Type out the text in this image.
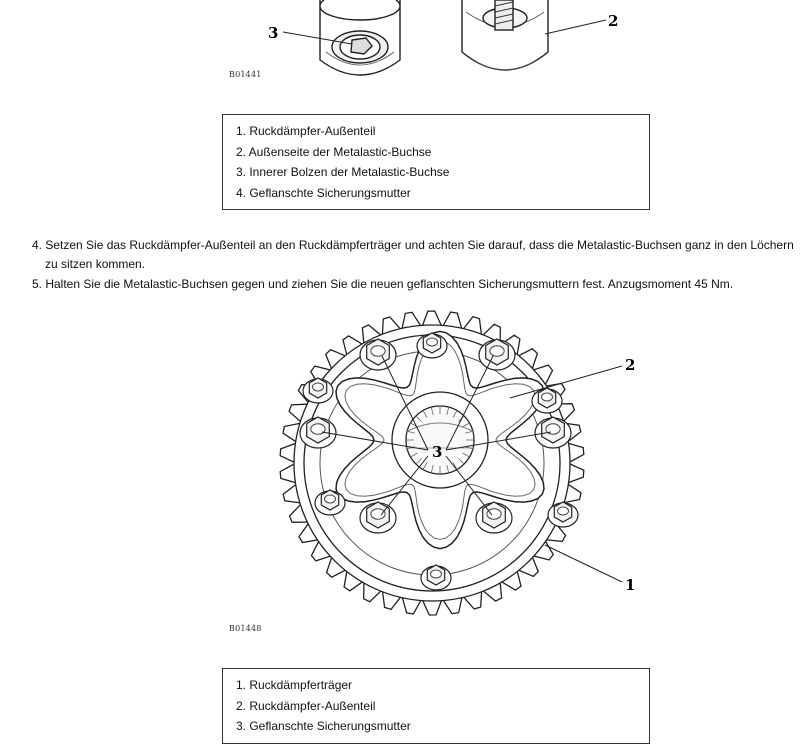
3
2
B01441
1. Ruckdämpfer-Außenteil
2. Außenseite der Metalastic-Buchse
3. Innerer Bolzen der Metalastic-Buchse
4. Geflanschte Sicherungsmutter

4. Setzen Sie das Ruckdämpfer-Außenteil an den Ruckdämpferträger und achten Sie darauf, dass die Metalastic-Buchsen ganz in den Löchern zu sitzen kommen.

5. Halten Sie die Metalastic-Buchsen gegen und ziehen Sie die neuen geflanschten Sicherungsmuttern fest. Anzugsmoment 45 Nm.

2
3
1
B01448
1. Ruckdämpferträger
2. Ruckdämpfer-Außenteil
3. Geflanschte Sicherungsmutter
